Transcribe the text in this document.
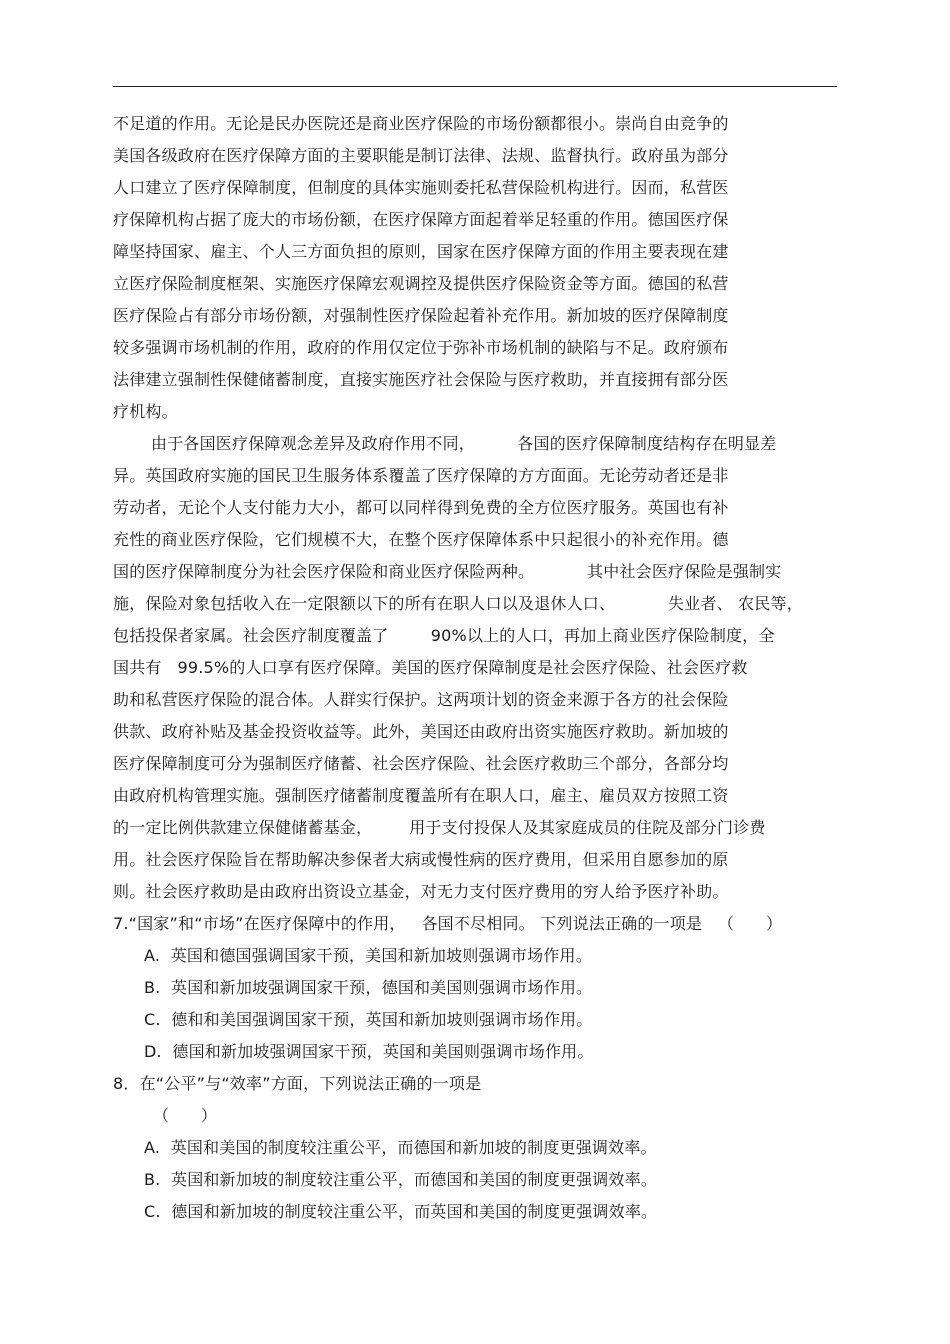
不足道的作用。无论是民办医院还是商业医疗保险的市场份额都很小。崇尚自由竞争的
美国各级政府在医疗保障方面的主要职能是制订法律、法规、监督执行。政府虽为部分
人口建立了医疗保障制度，但制度的具体实施则委托私营保险机构进行。因而，私营医
疗保障机构占据了庞大的市场份额，在医疗保障方面起着举足轻重的作用。德国医疗保
障坚持国家、雇主、个人三方面负担的原则，国家在医疗保障方面的作用主要表现在建
立医疗保险制度框架、实施医疗保障宏观调控及提供医疗保险资金等方面。德国的私营
医疗保险占有部分市场份额，对强制性医疗保险起着补充作用。新加坡的医疗保障制度
较多强调市场机制的作用，政府的作用仅定位于弥补市场机制的缺陷与不足。政府颁布
法律建立强制性保健储蓄制度，直接实施医疗社会保险与医疗救助，并直接拥有部分医
疗机构。
由于各国医疗保障观念差异及政府作用不同，        各国的医疗保障制度结构存在明显差
异。英国政府实施的国民卫生服务体系覆盖了医疗保障的方方面面。无论劳动者还是非
劳动者，无论个人支付能力大小，都可以同样得到免费的全方位医疗服务。英国也有补
充性的商业医疗保险，它们规模不大，在整个医疗保障体系中只起很小的补充作用。德
国的医疗保障制度分为社会医疗保险和商业医疗保险两种。          其中社会医疗保险是强制实
施，保险对象包括收入在一定限额以下的所有在职人口以及退休人口、          失业者、 农民等，
包括投保者家属。社会医疗制度覆盖了        90%以上的人口，再加上商业医疗保险制度，全
国共有   99.5%的人口享有医疗保障。美国的医疗保障制度是社会医疗保险、社会医疗救
助和私营医疗保险的混合体。人群实行保护。这两项计划的资金来源于各方的社会保险
供款、政府补贴及基金投资收益等。此外，美国还由政府出资实施医疗救助。新加坡的
医疗保障制度可分为强制医疗储蓄、社会医疗保险、社会医疗救助三个部分，各部分均
由政府机构管理实施。强制医疗储蓄制度覆盖所有在职人口，雇主、雇员双方按照工资
的一定比例供款建立保健储蓄基金，       用于支付投保人及其家庭成员的住院及部分门诊费
用。社会医疗保险旨在帮助解决参保者大病或慢性病的医疗费用，但采用自愿参加的原
则。社会医疗救助是由政府出资设立基金，对无力支付医疗费用的穷人给予医疗补助。
7.“国家”和“市场”在医疗保障中的作用，   各国不尽相同。 下列说法正确的一项是   （      ）
A.  英国和德国强调国家干预，美国和新加坡则强调市场作用。
B.  英国和新加坡强调国家干预，德国和美国则强调市场作用。
C.  德和和美国强调国家干预，英国和新加坡则强调市场作用。
D.  德国和新加坡强调国家干预，英国和美国则强调市场作用。
8．在“公平”与“效率”方面，下列说法正确的一项是
（      ）
A.  英国和美国的制度较注重公平，而德国和新加坡的制度更强调效率。
B.  英国和新加坡的制度较注重公平，而德国和美国的制度更强调效率。
C.  德国和新加坡的制度较注重公平，而英国和美国的制度更强调效率。
